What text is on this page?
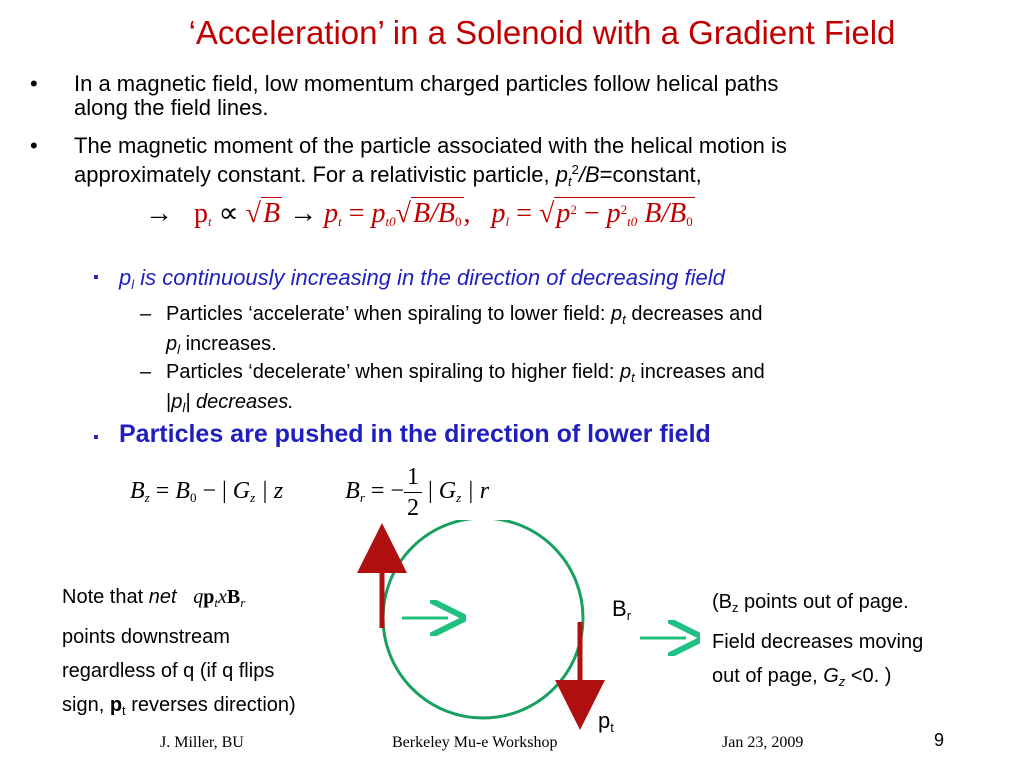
‘Acceleration’ in a Solenoid with a Gradient Field
• In a magnetic field, low momentum charged particles follow helical paths
along the field lines.
• The magnetic moment of the particle associated with the helical motion is
approximately constant. For a relativistic particle, $p_t^2/B=constant$,
→ $p_t \propto √B \to p_t = p_{t0}√B/B_0$, $p_l = √p^2 - p^2_{t0}$ $B/B_0$
▪ $p_l$ is continuously increasing in the direction of decreasing field
– Particles ‘accelerate’ when spiraling to lower field: $p_t$ decreases and
$p_l$ increases.
– Particles ‘decelerate’ when spiraling to higher field: $p_t$ increases and
$|p_l|$ decreases.
▪ Particles are pushed in the direction of lower field
$B_z = B_0$ − | $G_z$ | z	$B_r$ = − $\frac{1}{2}$ | $G_z$ | r
$B_r$
$p_t$
Note that net $qp_txB_r$
points downstream
regardless of q (if q flips
sign, $p_t$ reverses direction)
($B_z$ points out of page.
Field decreases moving
out of page, $G_z <0$. )
J. Miller, BU	Berkeley Mu-e Workshop	Jan 23, 2009	9
